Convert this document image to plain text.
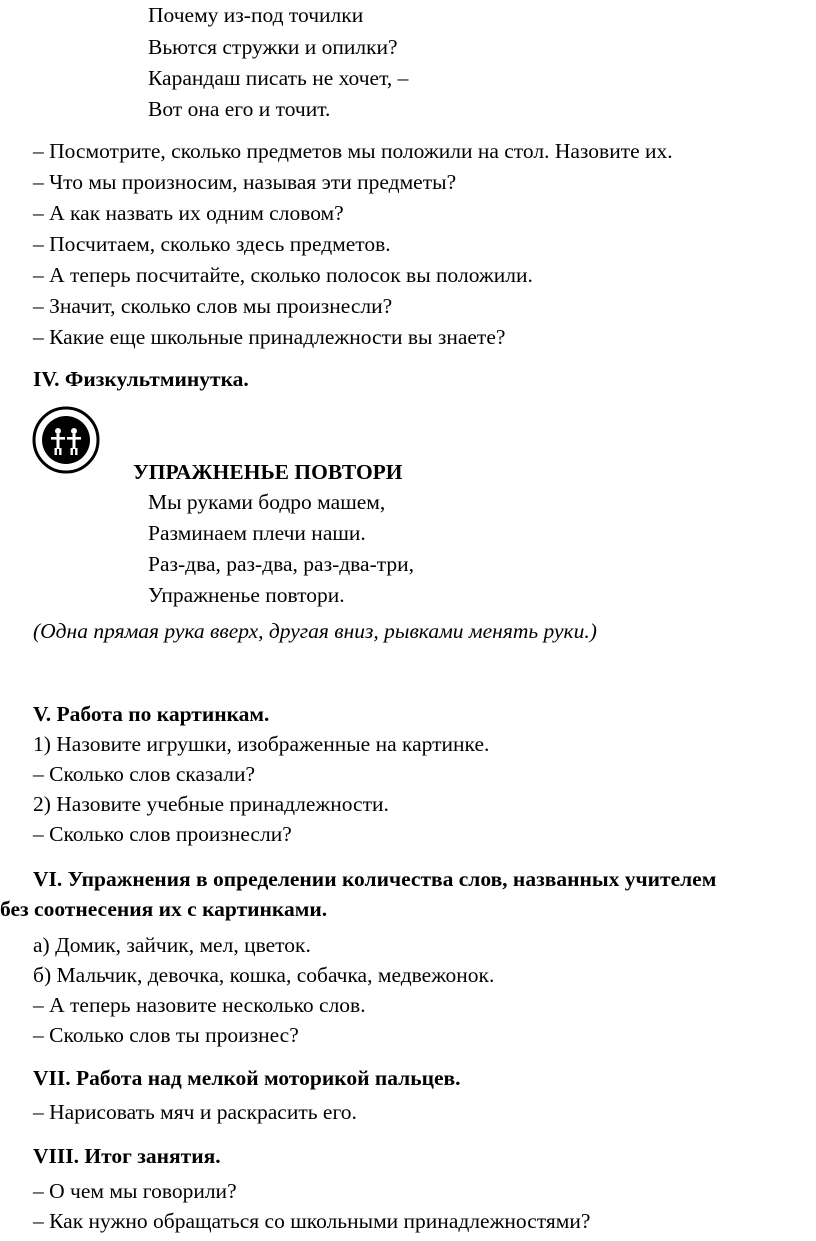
Почему из-под точилки
Вьются стружки и опилки?
Карандаш писать не хочет, –
Вот она его и точит.
– Посмотрите, сколько предметов мы положили на стол. Назовите их.
– Что мы произносим, называя эти предметы?
– А как назвать их одним словом?
– Посчитаем, сколько здесь предметов.
– А теперь посчитайте, сколько полосок вы положили.
– Значит, сколько слов мы произнесли?
– Какие еще школьные принадлежности вы знаете?
IV. Физкультминутка.
УПРАЖНЕНЬЕ ПОВТОРИ
Мы руками бодро машем,
Разминаем плечи наши.
Раз-два, раз-два, раз-два-три,
Упражненье повтори.
(Одна прямая рука вверх, другая вниз, рывками менять руки.)
V. Работа по картинкам.
1) Назовите игрушки, изображенные на картинке.
– Сколько слов сказали?
2) Назовите учебные принадлежности.
– Сколько слов произнесли?
VI. Упражнения в определении количества слов, названных учителем
без соотнесения их с картинками.
а) Домик, зайчик, мел, цветок.
б) Мальчик, девочка, кошка, собачка, медвежонок.
– А теперь назовите несколько слов.
– Сколько слов ты произнес?
VII. Работа над мелкой моторикой пальцев.
– Нарисовать мяч и раскрасить его.
VIII. Итог занятия.
– О чем мы говорили?
– Как нужно обращаться со школьными принадлежностями?
